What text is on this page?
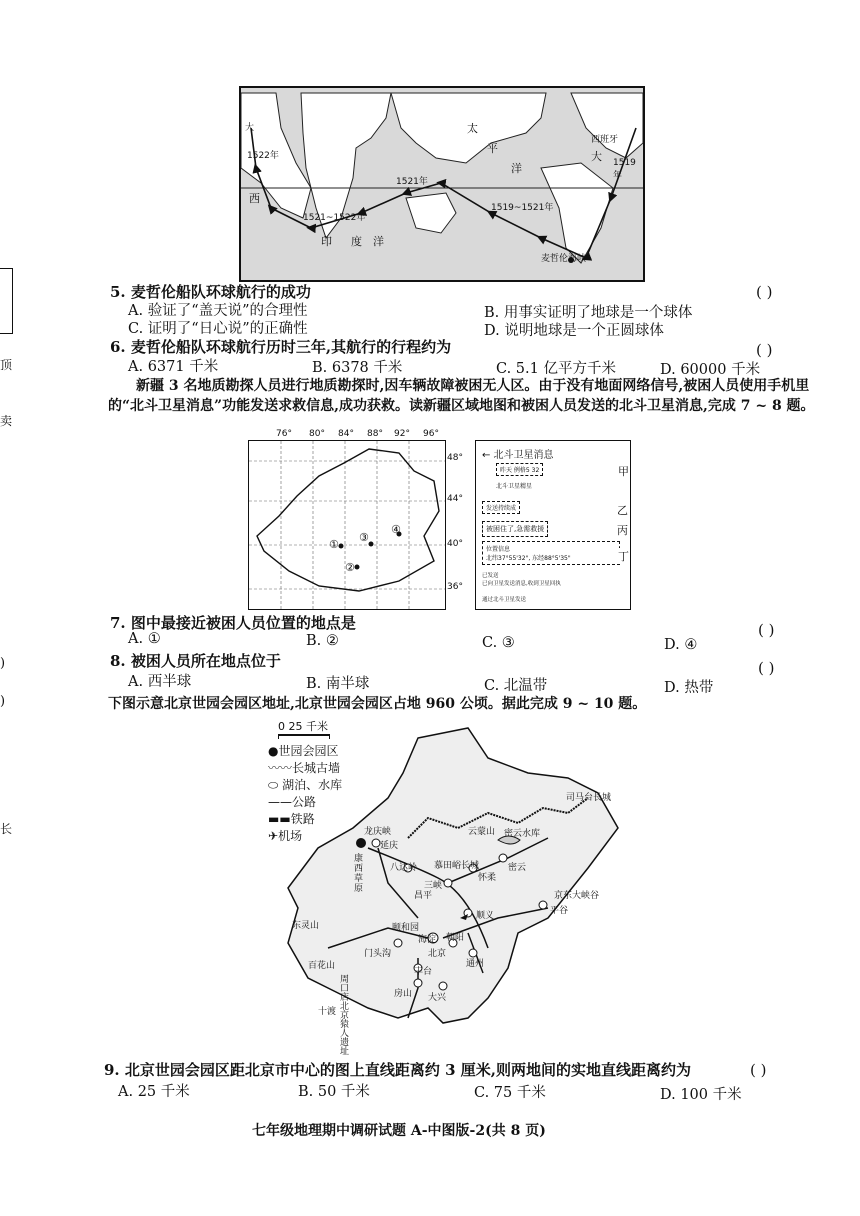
太
平
洋
大
西
印 度 洋
1522年
1521年
1521~1522年
1519~1521年
1519年
麦哲伦海峡
西班牙
大
5. 麦哲伦船队环球航行的成功	( )
A. 验证了“盖天说”的合理性	B. 用事实证明了地球是一个球体
C. 证明了“日心说”的正确性	D. 说明地球是一个正圆球体
6. 麦哲伦船队环球航行历时三年,其航行的行程约为	( )
A. 6371 千米	B. 6378 千米	C. 5.1 亿平方千米	D. 60000 千米
新疆 3 名地质勘探人员进行地质勘探时,因车辆故障被困无人区。由于没有地面网络信号,被困人员使用手机里的“北斗卫星消息”功能发送求救信息,成功获救。读新疆区域地图和被困人员发送的北斗卫星消息,完成 7 ~ 8 题。
①
②
③
④
76° 80° 84° 88° 92° 96°
48°
44°
40°
36°
← 北斗卫星消息
昨天 例格5 32
北斗卫星精星
发送持续成
被困住了,急需救援
位置信息
北纬37°55'32", 东经88°5'35"
已发送
已向卫星发送消息,收到卫星回执
通过北斗卫星发送
甲
乙
丙
丁
7. 图中最接近被困人员位置的地点是	( )
A. ①	B. ②	C. ③	D. ④
8. 被困人员所在地点位于	( )
A. 西半球	B. 南半球	C. 北温带	D. 热带
下图示意北京世园会园区地址,北京世园会园区占地 960 公顷。据此完成 9 ~ 10 题。
0 25 千米
●世园会园区
〰〰长城古墙
⬭ 湖泊、水库
——公路
▬▬铁路
✈机场	龙庆峡
延庆
八达岭 慕田峪长城
怀柔
密云
云蒙山 密云水库
司马台长城
京东大峡谷
平谷
昌平
顺义
东灵山
门头沟
海淀 朝阳
北京
通州
百花山
丰台
房山 大兴
十渡
周口店北京猿人遗址
颐和园
康西草原	三峡
9. 北京世园会园区距北京市中心的图上直线距离约 3 厘米,则两地间的实地直线距离约为	( )
A. 25 千米	B. 50 千米	C. 75 千米	D. 100 千米
七年级地理期中调研试题 A-中图版-2(共 8 页)
顶
卖
)
)
长
